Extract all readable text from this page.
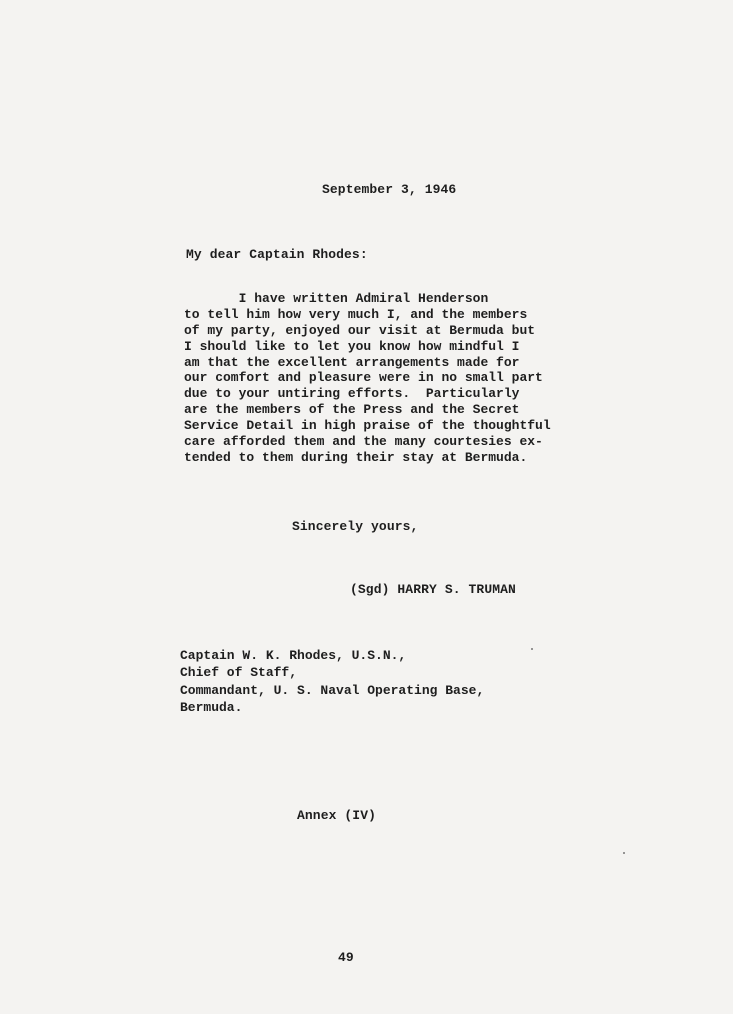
September 3, 1946
My dear Captain Rhodes:
I have written Admiral Henderson
to tell him how very much I, and the members
of my party, enjoyed our visit at Bermuda but
I should like to let you know how mindful I
am that the excellent arrangements made for
our comfort and pleasure were in no small part
due to your untiring efforts.  Particularly
are the members of the Press and the Secret
Service Detail in high praise of the thoughtful
care afforded them and the many courtesies ex-
tended to them during their stay at Bermuda.
Sincerely yours,
(Sgd) HARRY S. TRUMAN
Captain W. K. Rhodes, U.S.N.,
Chief of Staff,
Commandant, U. S. Naval Operating Base,
Bermuda.
Annex (IV)
49
